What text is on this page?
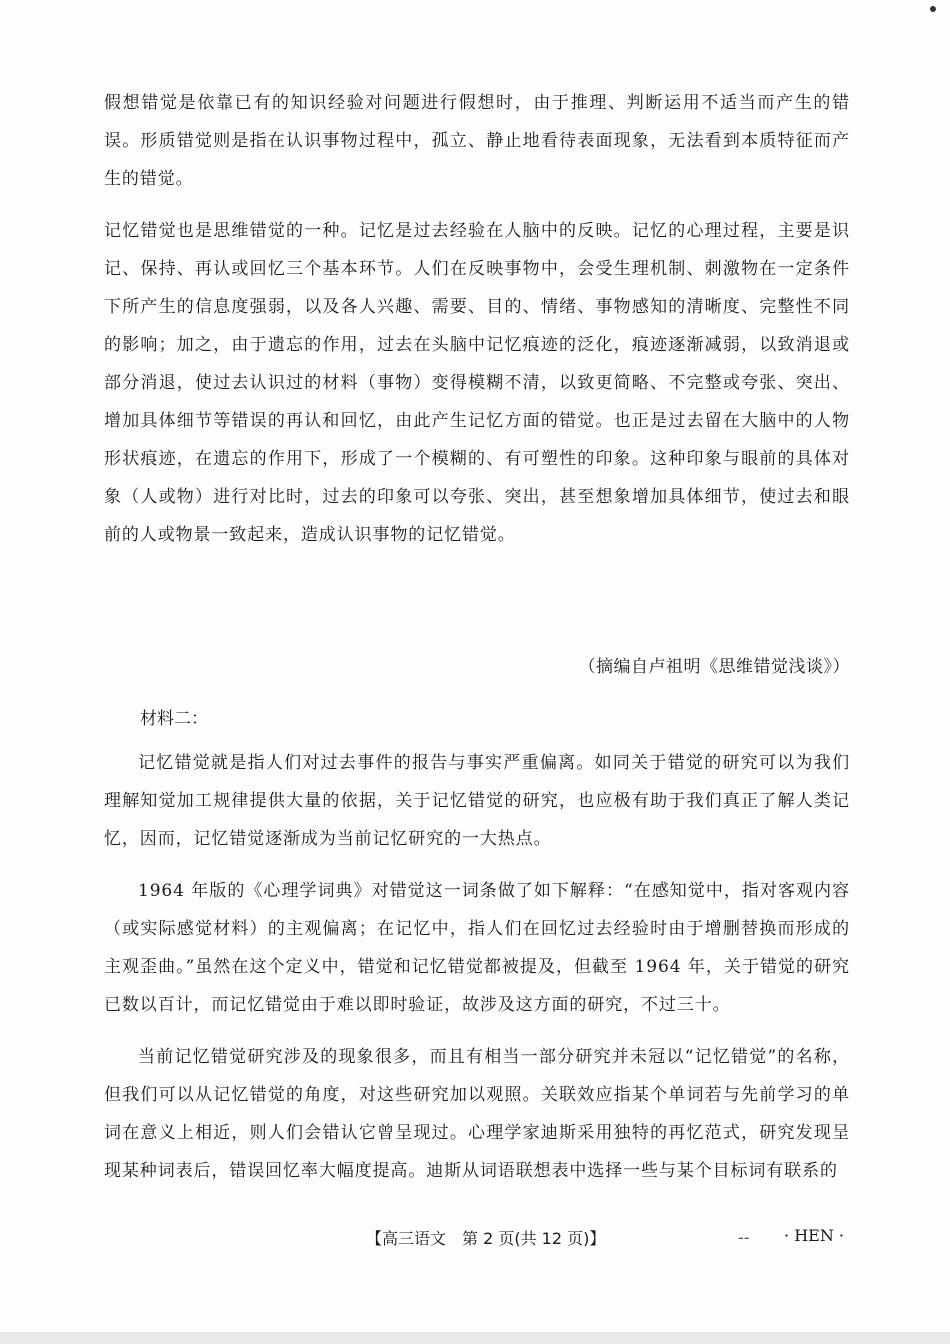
假想错觉是依靠已有的知识经验对问题进行假想时，由于推理、判断运用不适当而产生的错误。形质错觉则是指在认识事物过程中，孤立、静止地看待表面现象，无法看到本质特征而产生的错觉。

记忆错觉也是思维错觉的一种。记忆是过去经验在人脑中的反映。记忆的心理过程，主要是识记、保持、再认或回忆三个基本环节。人们在反映事物中，会受生理机制、刺激物在一定条件下所产生的信息度强弱，以及各人兴趣、需要、目的、情绪、事物感知的清晰度、完整性不同的影响；加之，由于遗忘的作用，过去在头脑中记忆痕迹的泛化，痕迹逐渐减弱，以致消退或部分消退，使过去认识过的材料（事物）变得模糊不清，以致更简略、不完整或夸张、突出、增加具体细节等错误的再认和回忆，由此产生记忆方面的错觉。也正是过去留在大脑中的人物形状痕迹，在遗忘的作用下，形成了一个模糊的、有可塑性的印象。这种印象与眼前的具体对象（人或物）进行对比时，过去的印象可以夸张、突出，甚至想象增加具体细节，使过去和眼前的人或物景一致起来，造成认识事物的记忆错觉。

（摘编自卢祖明《思维错觉浅谈》）
材料二：

记忆错觉就是指人们对过去事件的报告与事实严重偏离。如同关于错觉的研究可以为我们理解知觉加工规律提供大量的依据，关于记忆错觉的研究，也应极有助于我们真正了解人类记忆，因而，记忆错觉逐渐成为当前记忆研究的一大热点。

1964 年版的《心理学词典》对错觉这一词条做了如下解释：“在感知觉中，指对客观内容（或实际感觉材料）的主观偏离；在记忆中，指人们在回忆过去经验时由于增删替换而形成的主观歪曲。”虽然在这个定义中，错觉和记忆错觉都被提及，但截至 1964 年，关于错觉的研究已数以百计，而记忆错觉由于难以即时验证，故涉及这方面的研究，不过三十。

当前记忆错觉研究涉及的现象很多，而且有相当一部分研究并未冠以“记忆错觉”的名称，但我们可以从记忆错觉的角度，对这些研究加以观照。关联效应指某个单词若与先前学习的单词在意义上相近，则人们会错认它曾呈现过。心理学家迪斯采用独特的再忆范式，研究发现呈现某种词表后，错误回忆率大幅度提高。迪斯从词语联想表中选择一些与某个目标词有联系的

【高三语文　第 2 页(共 12 页)】	-- · HEN ·
